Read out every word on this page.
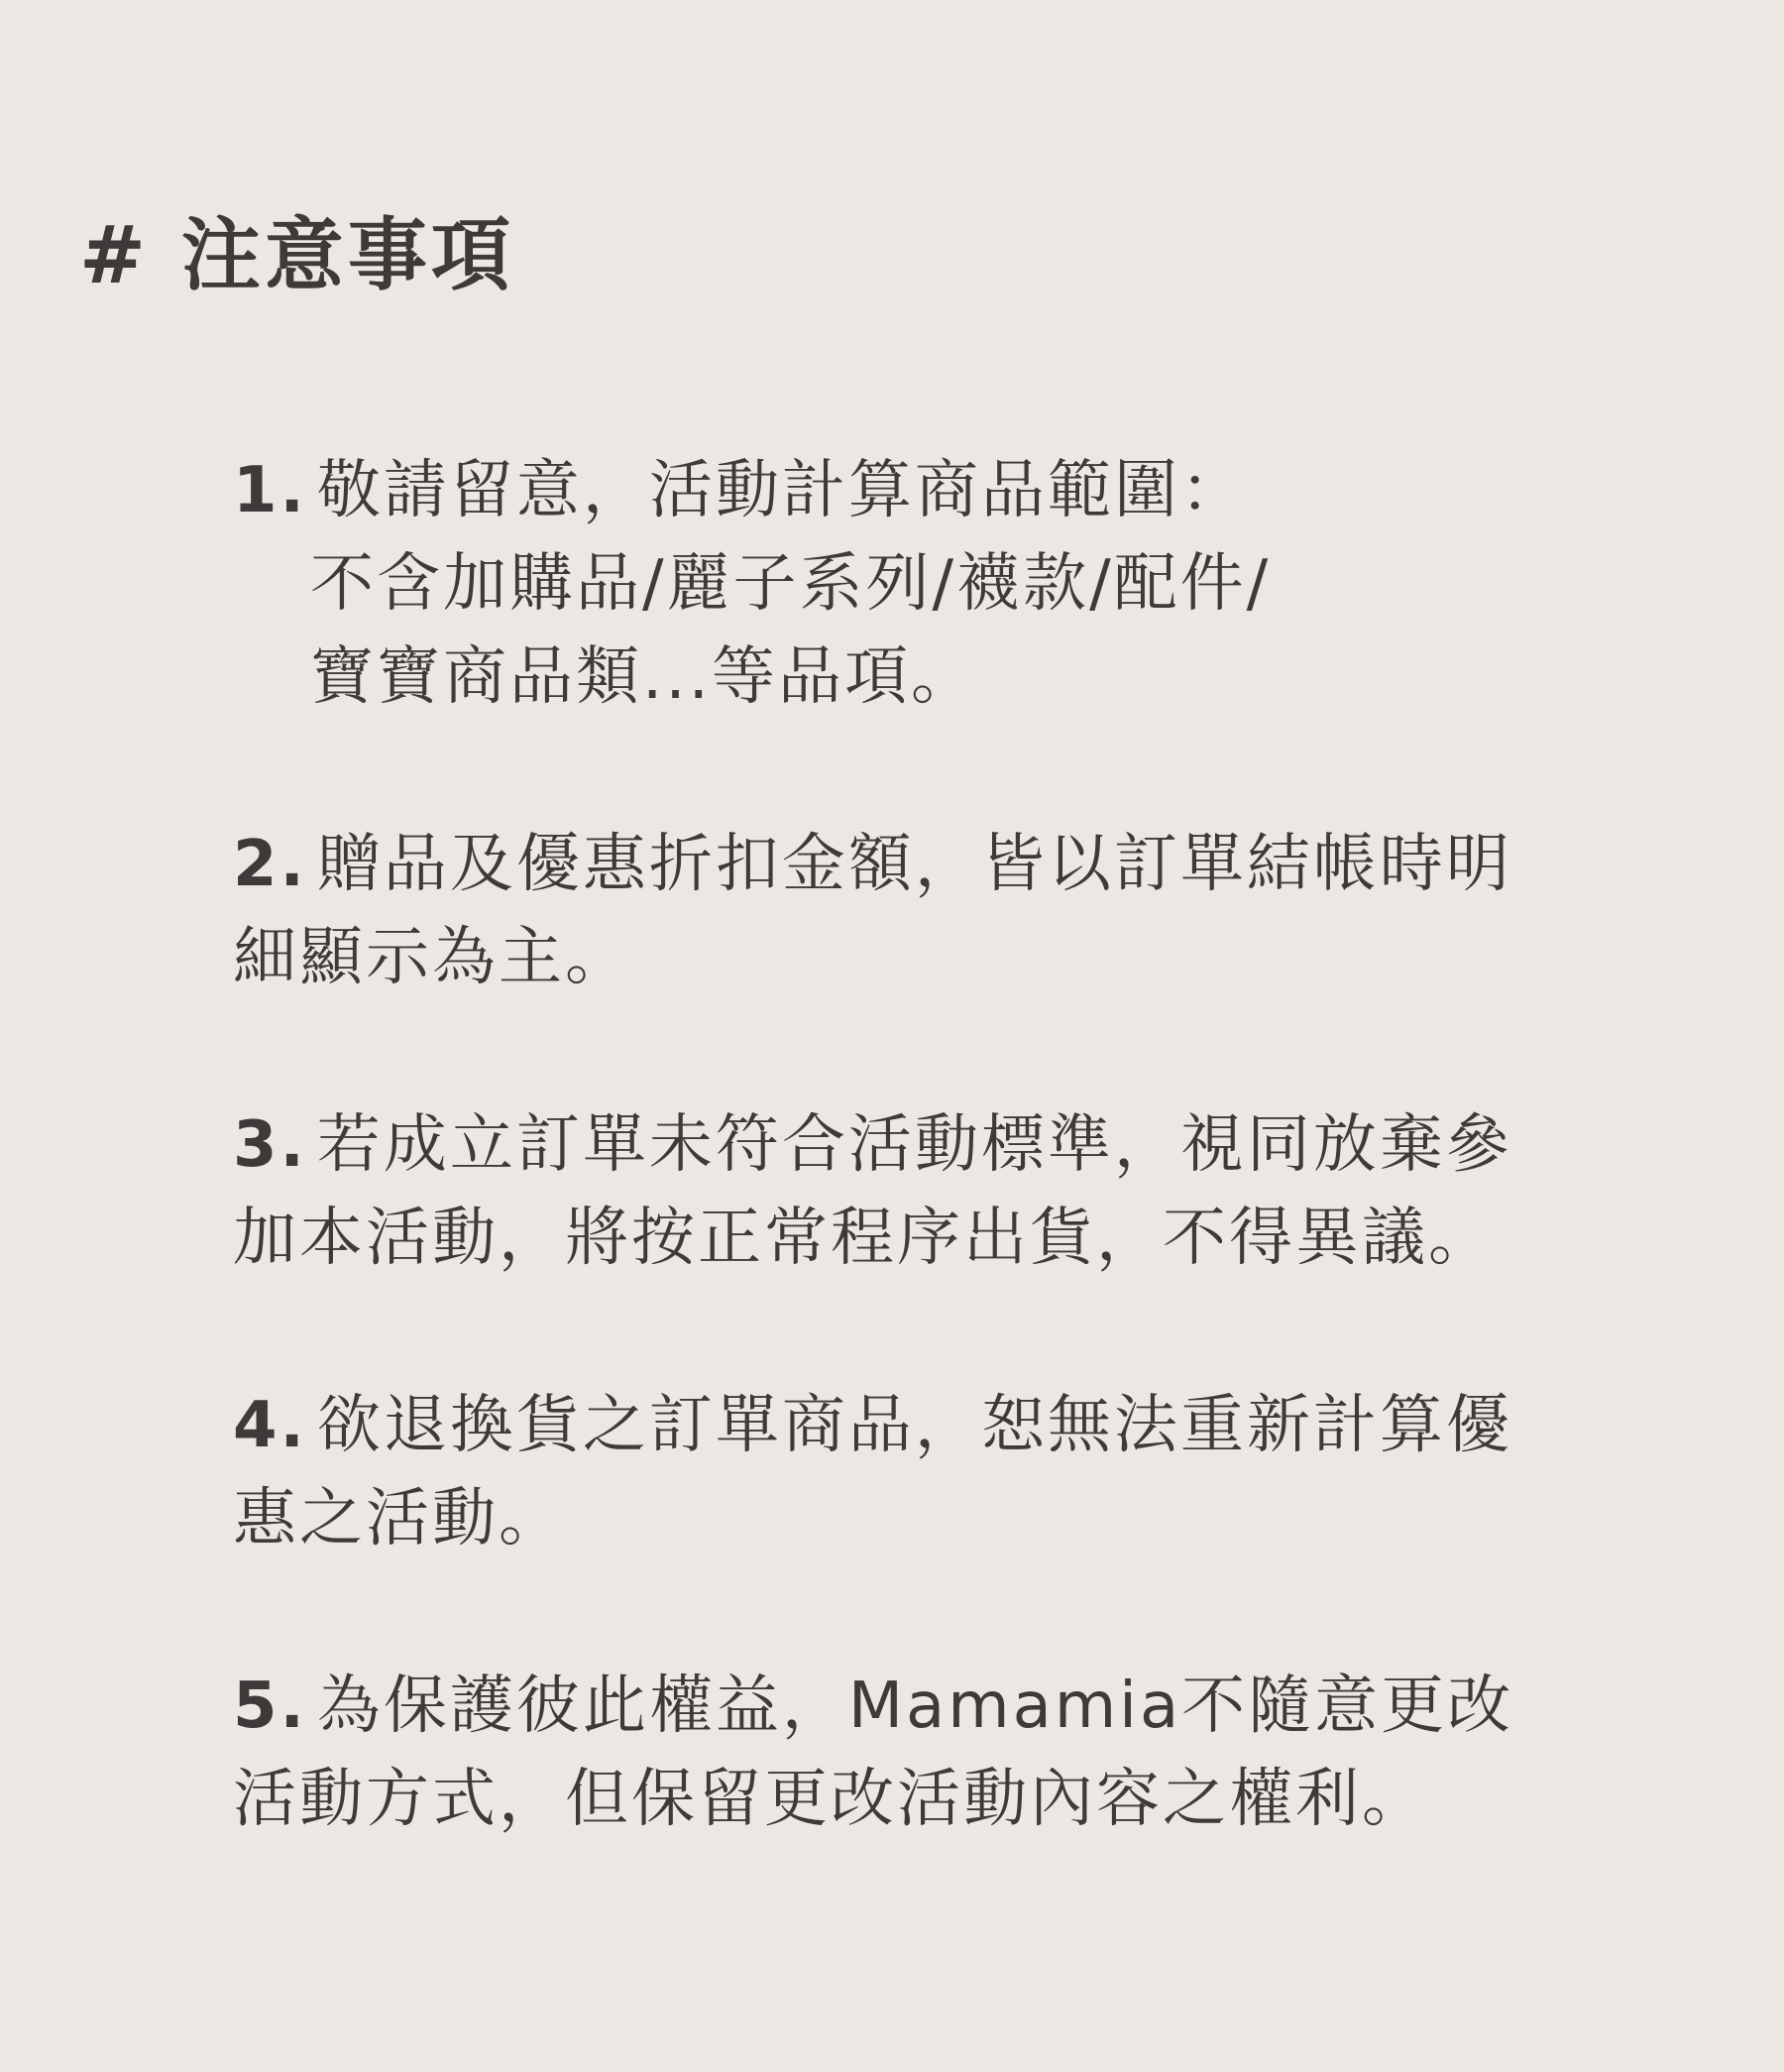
# 注意事項
1. 敬請留意，活動計算商品範圍：
不含加購品/麗子系列/襪款/配件/
寶寶商品類...等品項。
2. 贈品及優惠折扣金額，皆以訂單結帳時明
細顯示為主。
3. 若成立訂單未符合活動標準，視同放棄參
加本活動，將按正常程序出貨，不得異議。
4. 欲退換貨之訂單商品，恕無法重新計算優
惠之活動。
5. 為保護彼此權益，Mamamia不隨意更改
活動方式，但保留更改活動內容之權利。
